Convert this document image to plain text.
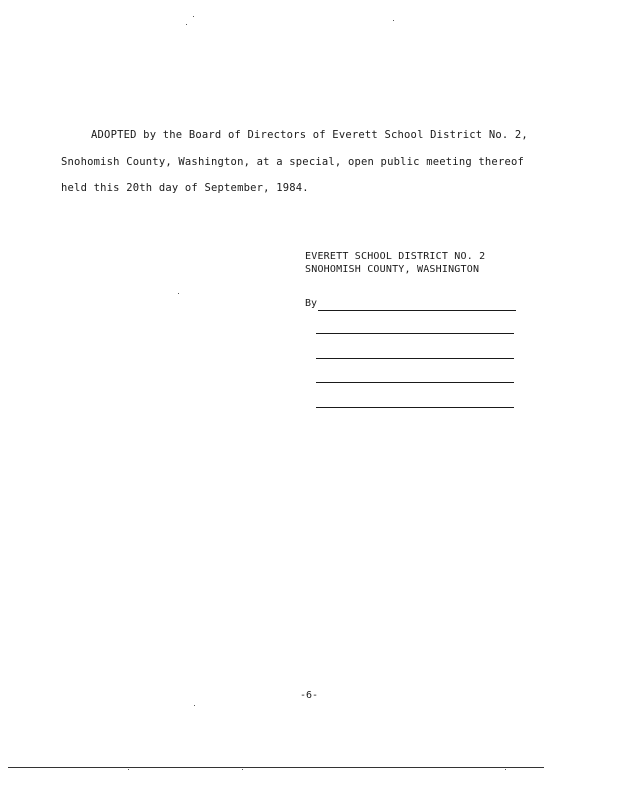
ADOPTED by the Board of Directors of Everett School District No. 2,
Snohomish County, Washington, at a special, open public meeting thereof
held this 20th day of September, 1984.
EVERETT SCHOOL DISTRICT NO. 2
SNOHOMISH COUNTY, WASHINGTON
By
-6-
